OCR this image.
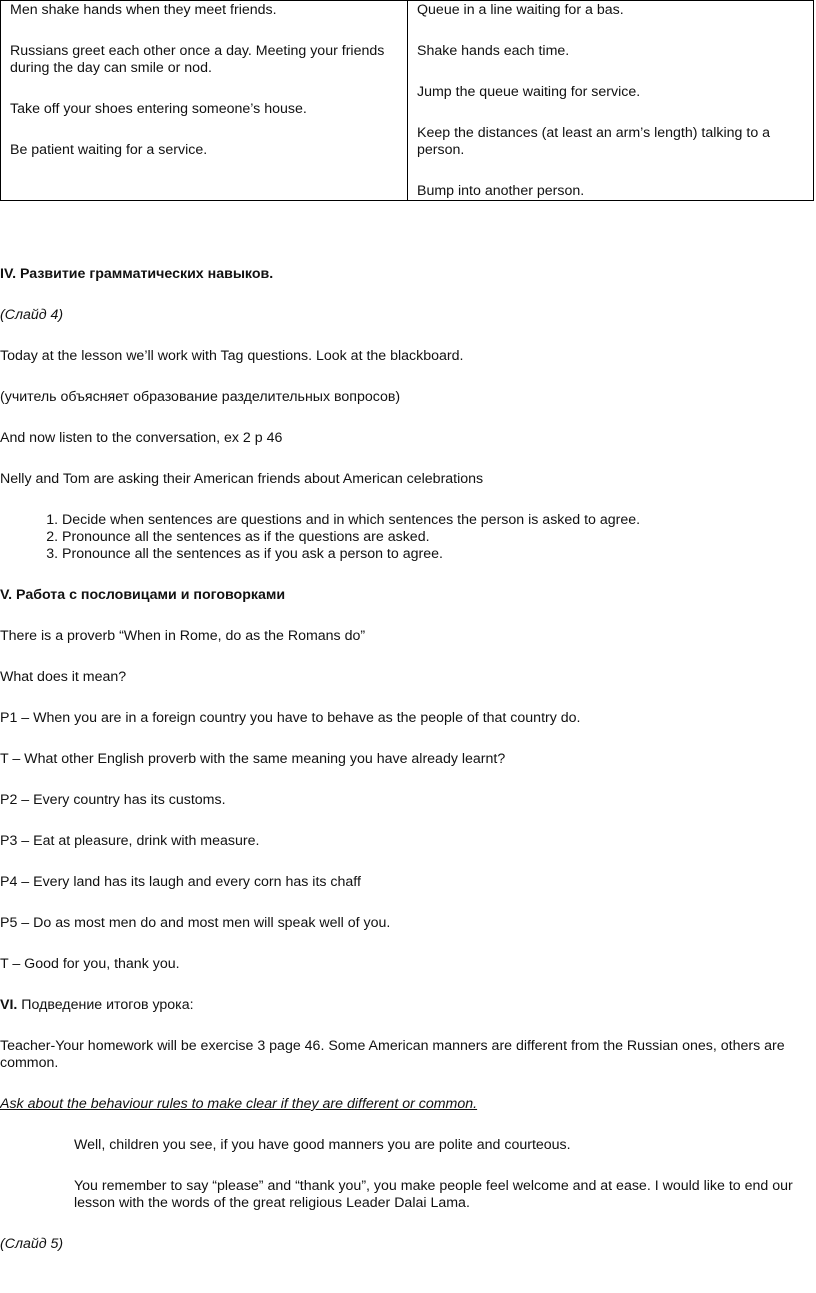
Men shake hands when they meet friends.

Russians greet each other once a day. Meeting your friends during the day can smile or nod.

Take off your shoes entering someone’s house.

Be patient waiting for a service.

Queue in a line waiting for a bas.

Shake hands each time.

Jump the queue waiting for service.

Keep the distances (at least an arm’s length) talking to a person.

Bump into another person.

IV. Развитие грамматических навыков.

(Слайд 4)

Today at the lesson we’ll work with Tag questions. Look at the blackboard.

(учитель объясняет образование разделительных вопросов)

And now listen to the conversation, ex 2 p 46

Nelly and Tom are asking their American friends about American celebrations

1. Decide when sentences are questions and in which sentences the person is asked to agree.
2. Pronounce all the sentences as if the questions are asked.
3. Pronounce all the sentences as if you ask a person to agree.

V. Работа с пословицами и поговорками

There is a proverb “When in Rome, do as the Romans do”

What does it mean?

P1 – When you are in a foreign country you have to behave as the people of that country do.

T – What other English proverb with the same meaning you have already learnt?

P2 – Every country has its customs.

P3 – Eat at pleasure, drink with measure.

P4 – Every land has its laugh and every corn has its chaff

P5 – Do as most men do and most men will speak well of you.

T – Good for you, thank you.

VI. Подведение итогов урока:

Teacher-Your homework will be exercise 3 page 46. Some American manners are different from the Russian ones, others are common.

Ask about the behaviour rules to make clear if they are different or common.

Well, children you see, if you have good manners you are polite and courteous.

You remember to say “please” and “thank you”, you make people feel welcome and at ease. I would like to end our lesson with the words of the great religious Leader Dalai Lama.

(Слайд 5)
